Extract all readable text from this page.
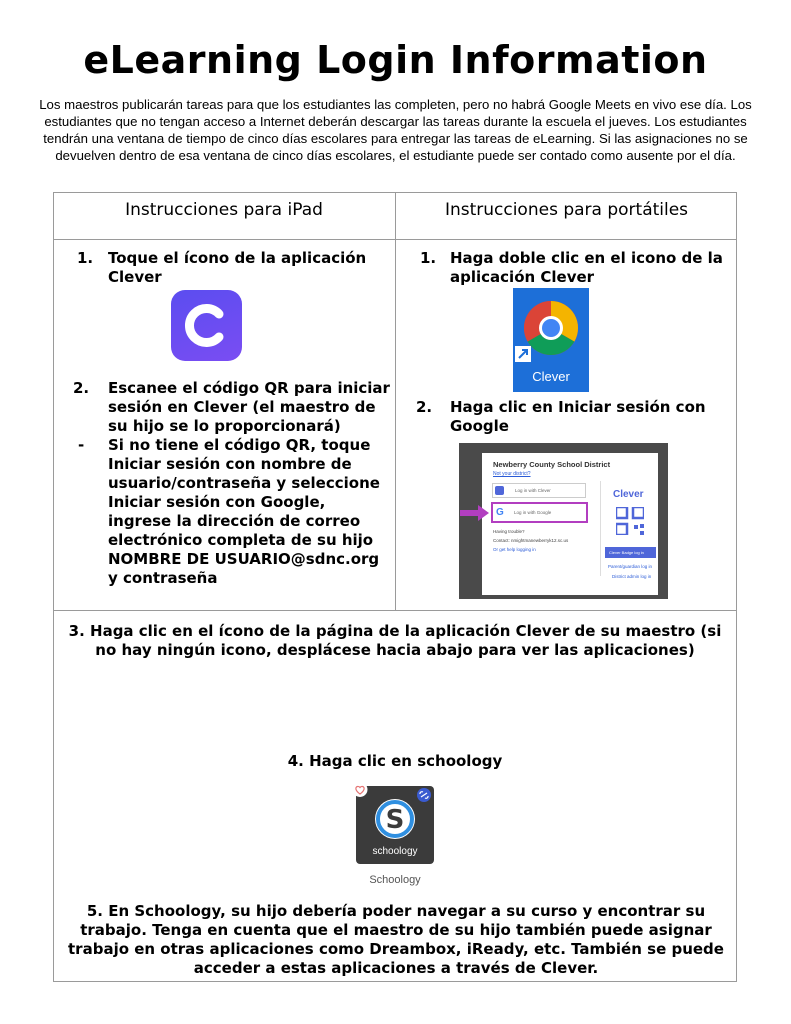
eLearning Login Information
Los maestros publicarán tareas para que los estudiantes las completen, pero no habrá Google Meets en vivo ese día. Los estudiantes que no tengan acceso a Internet deberán descargar las tareas durante la escuela el jueves. Los estudiantes tendrán una ventana de tiempo de cinco días escolares para entregar las tareas de eLearning. Si las asignaciones no se devuelven dentro de esa ventana de cinco días escolares, el estudiante puede ser contado como ausente por el día.
Instrucciones para iPad	Instrucciones para portátiles
1. Toque el ícono de la aplicación Clever
2. Escanee el código QR para iniciar sesión en Clever (el maestro de su hijo se lo proporcionará)
- Si no tiene el código QR, toque Iniciar sesión con nombre de usuario/contraseña y seleccione Iniciar sesión con Google, ingrese la dirección de correo electrónico completa de su hijo NOMBRE DE USUARIO@sdnc.org y contraseña
1. Haga doble clic en el icono de la aplicación Clever
Clever
2. Haga clic en Iniciar sesión con Google
Newberry County School District
Not your district?
Log in with Clever
G Log in with Google
Having trouble?
Contact: nmightmanewberryk12.sc.us
Or get help logging in
Clever
Clever Badge log in
Parent/guardian log in
District admin log in
3. Haga clic en el ícono de la página de la aplicación Clever de su maestro (si no hay ningún icono, desplácese hacia abajo para ver las aplicaciones)
4. Haga clic en schoology
S
schoology
Schoology
5. En Schoology, su hijo debería poder navegar a su curso y encontrar su trabajo. Tenga en cuenta que el maestro de su hijo también puede asignar trabajo en otras aplicaciones como Dreambox, iReady, etc. También se puede acceder a estas aplicaciones a través de Clever.
